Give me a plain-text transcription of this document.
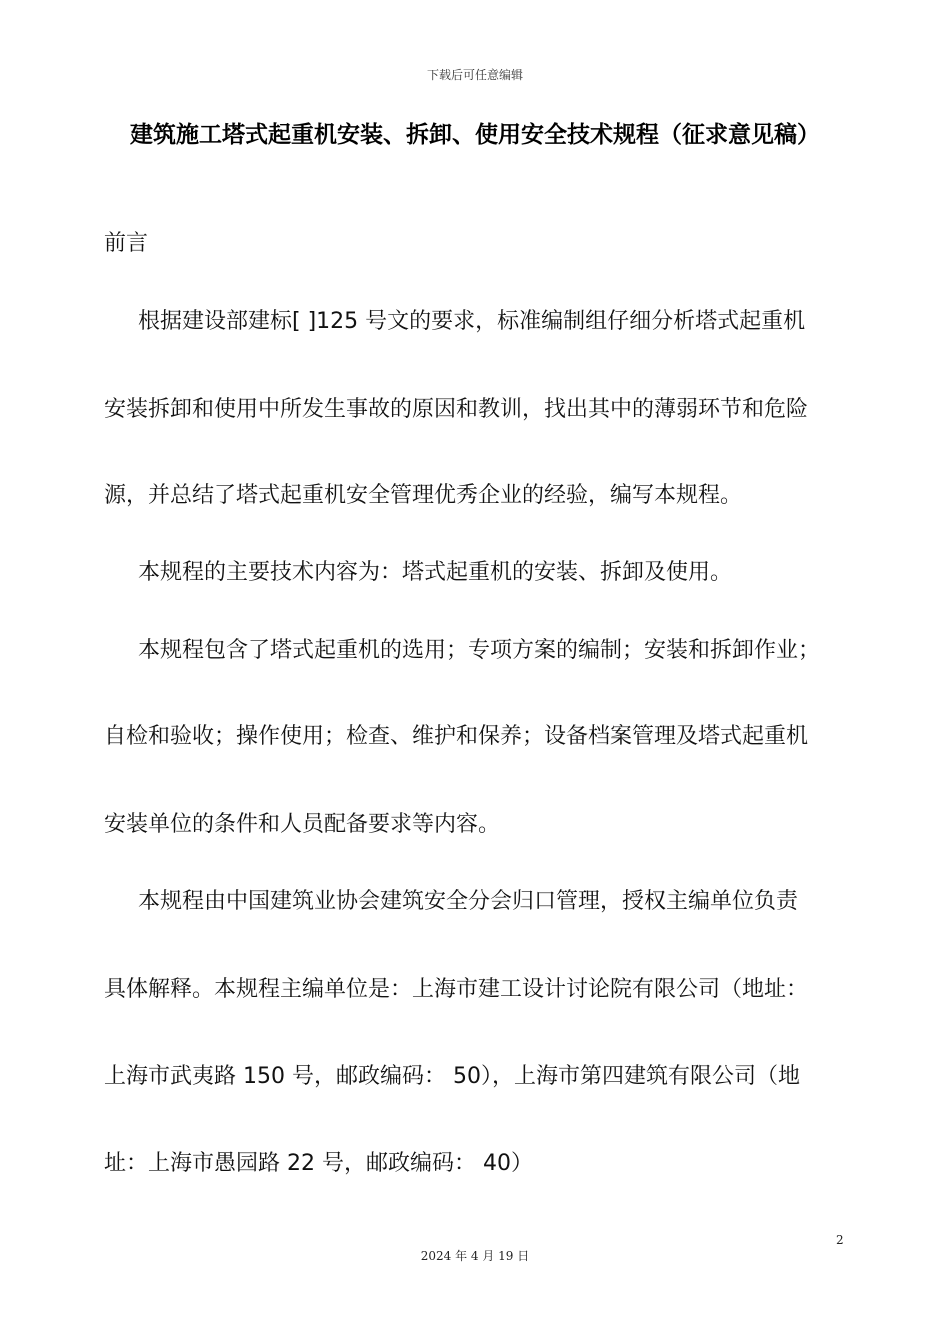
下载后可任意编辑
建筑施工塔式起重机安装、拆卸、使用安全技术规程（征求意见稿）
前言
根据建设部建标[ ]125 号文的要求，标准编制组仔细分析塔式起重机
安装拆卸和使用中所发生事故的原因和教训，找出其中的薄弱环节和危险
源，并总结了塔式起重机安全管理优秀企业的经验，编写本规程。
本规程的主要技术内容为：塔式起重机的安装、拆卸及使用。
本规程包含了塔式起重机的选用；专项方案的编制；安装和拆卸作业；
自检和验收；操作使用；检查、维护和保养；设备档案管理及塔式起重机
安装单位的条件和人员配备要求等内容。
本规程由中国建筑业协会建筑安全分会归口管理，授权主编单位负责
具体解释。本规程主编单位是：上海市建工设计讨论院有限公司（地址：
上海市武夷路 150 号，邮政编码： 50），上海市第四建筑有限公司（地
址：上海市愚园路 22 号，邮政编码： 40）
2
2024 年 4 月 19 日
